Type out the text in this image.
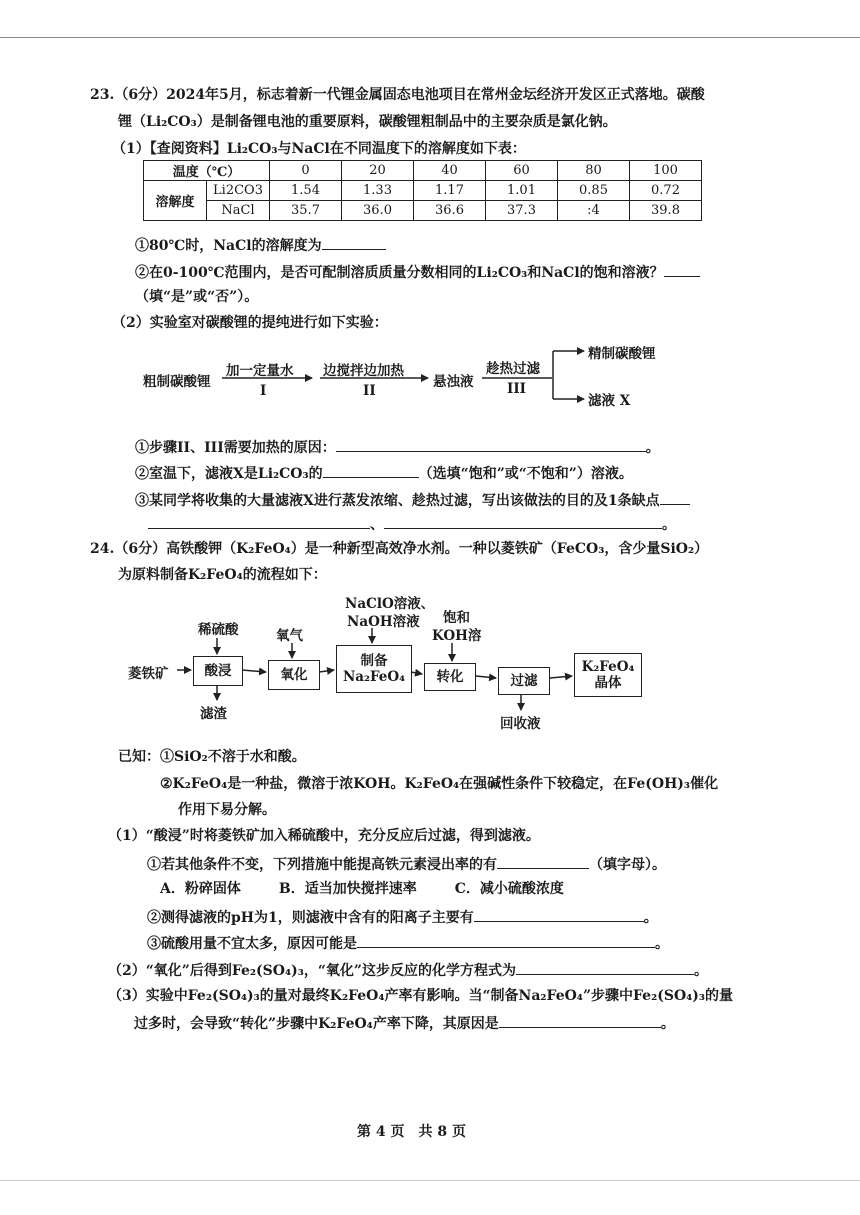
23.（6分）2024年5月，标志着新一代锂金属固态电池项目在常州金坛经济开发区正式落地。碳酸
锂（Li₂CO₃）是制备锂电池的重要原料，碳酸锂粗制品中的主要杂质是氯化钠。
（1）【查阅资料】Li₂CO₃与NaCl在不同温度下的溶解度如下表：
温度（℃）		0	20	40	60	80	100
溶解度	Li2CO3	1.54	1.33	1.17	1.01	0.85	0.72
	NaCl	35.7	36.0	36.6	37.3	:4	39.8
①80℃时，NaCl的溶解度为
②在0-100℃范围内，是否可配制溶质质量分数相同的Li₂CO₃和NaCl的饱和溶液？
（填“是”或“否”）。
（2）实验室对碳酸锂的提纯进行如下实验：
粗制碳酸锂
加一定量水
I
边搅拌边加热
II
悬浊液
趁热过滤
III
精制碳酸锂
滤液 X
①步骤II、III需要加热的原因：	。
②室温下，滤液X是Li₂CO₃的	（选填“饱和”或“不饱和”）溶液。
③某同学将收集的大量滤液X进行蒸发浓缩、趁热过滤，写出该做法的目的及1条缺点
、	。
24.（6分）高铁酸钾（K₂FeO₄）是一种新型高效净水剂。一种以菱铁矿（FeCO₃，含少量SiO₂）
为原料制备K₂FeO₄的流程如下：
NaClO溶液、
NaOH溶液 饱和
KOH溶
稀硫酸	氧气
菱铁矿	酸浸	氧化
制备
Na₂FeO₄	转化	过滤
K₂FeO₄
晶体
滤渣
回收液
已知：①SiO₂不溶于水和酸。
②K₂FeO₄是一种盐，微溶于浓KOH。K₂FeO₄在强碱性条件下较稳定，在Fe(OH)₃催化
作用下易分解。
（1）“酸浸”时将菱铁矿加入稀硫酸中，充分反应后过滤，得到滤液。
①若其他条件不变，下列措施中能提高铁元素浸出率的有	（填字母）。
A．粉碎固体	B．适当加快搅拌速率	C．减小硫酸浓度
②测得滤液的pH为1，则滤液中含有的阳离子主要有	。
③硫酸用量不宜太多，原因可能是	。
（2）“氧化”后得到Fe₂(SO₄)₃，“氧化”这步反应的化学方程式为	。
（3）实验中Fe₂(SO₄)₃的量对最终K₂FeO₄产率有影响。当“制备Na₂FeO₄”步骤中Fe₂(SO₄)₃的量
过多时，会导致“转化”步骤中K₂FeO₄产率下降，其原因是	。
第 4 页　共 8 页
